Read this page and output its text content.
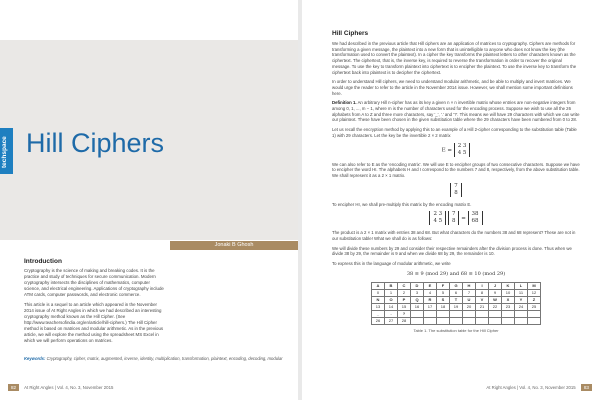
techspace Hill Ciphers
Jonaki B Ghosh
Introduction

Cryptography is the science of making and breaking codes. It is the practice and study of techniques for secure communication. Modern cryptography intersects the disciplines of mathematics, computer science, and electrical engineering. Applications of cryptography include ATM cards, computer passwords, and electronic commerce.

This article is a sequel to an article which appeared in the November 2014 issue of At Right Angles in which we had described an interesting cryptography method known as the Hill Cipher. (See http://www.teachersofindia.org/en/article/hill-ciphers.) The Hill Cipher method is based on matrices and modular arithmetic. As in the previous article, we will explore the method using the spreadsheet MS Excel in which we will perform operations on matrices.

Keywords: Cryptography, cipher, matrix, augmented, inverse, identity, multiplication, transformation, plaintext, encoding, decoding, modular
82 At Right Angles | Vol. 4, No. 3, November 2015
Hill Ciphers

We had described in the previous article that Hill ciphers are an application of matrices to cryptography. Ciphers are methods for transforming a given message, the plaintext into a new form that is unintelligible to anyone who does not know the key (the transformation used to convert the plaintext). In a cipher the key transforms the plaintext letters to other characters known as the ciphertext. The ciphertext, that is, the inverse key, is required to reverse the transformation in order to recover the original message. To use the key to transform plaintext into ciphertext is to encipher the plaintext. To use the inverse key to transform the ciphertext back into plaintext is to decipher the ciphertext.

In order to understand Hill ciphers, we need to understand modular arithmetic, and be able to multiply and invert matrices. We would urge the reader to refer to the article in the November 2014 issue. However, we shall mention some important definitions here.

Definition 1. An arbitrary Hill n-cipher has as its key a given n × n invertible matrix whose entries are non-negative integers from among 0, 1, ..., m − 1, where m is the number of characters used for the encoding process. Suppose we wish to use all the 26 alphabets from A to Z and three more characters, say '_', '.' and '?'. This means we will have 29 characters with which we can write our plaintext. These have been chosen in the given substitution table where the 29 characters have been numbered from 0 to 28.

Let us recall the encryption method by applying this to an example of a Hill 2-cipher corresponding to the substitution table (Table 1) with 29 characters. Let the key be the invertible 2 × 2 matrix

E =
2 3
4 5

We can also refer to E as the 'encoding matrix'. We will use E to encipher groups of two consecutive characters. Suppose we have to encipher the word HI. The alphabets H and I correspond to the numbers 7 and 8, respectively, from the above substitution table. We shall represent it as a 2 × 1 matrix.

7
8

To encipher HI, we shall pre-multiply this matrix by the encoding matrix E.

2 3
4 5

7
8 =
38
68

The product is a 2 × 1 matrix with entries 38 and 68. But what characters do the numbers 38 and 68 represent? These are not in our substitution table! What we shall do is as follows:

We will divide these numbers by 29 and consider their respective remainders after the division process is done. Thus when we divide 38 by 29, the remainder is 9 and when we divide 68 by 29, the remainder is 10.

To express this in the language of modular arithmetic, we write

38 ≡ 9 (mod 29) and 68 ≡ 10 (mod 29)
A	B	C	D	E	F	G	H	I	J	K	L	M
0	1	2	3	4	5	6	7	8	9	10	11	12
N	O	P	Q	R	S	T	U	V	W	X	Y	Z
13	14	15	16	17	18	19	20	21	22	23	24	25
_	.	?										
26	27	28										
Table 1. The substitution table for the Hill Cipher
At Right Angles | Vol. 4, No. 3, November 2015 83
